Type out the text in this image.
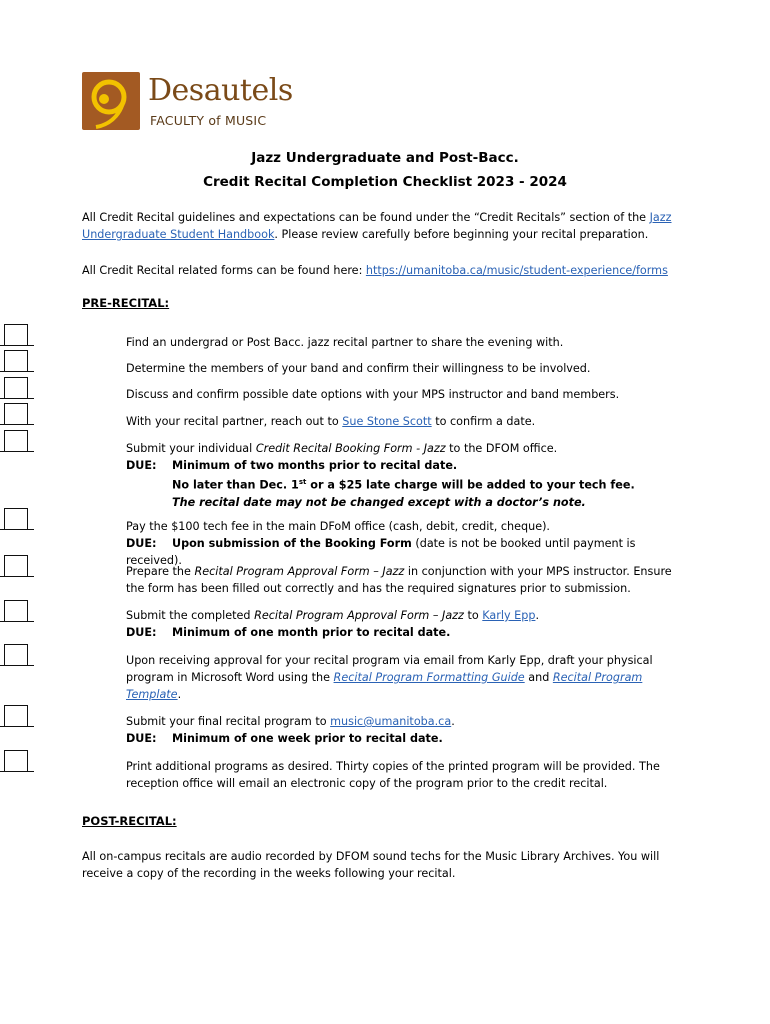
Desautels
FACULTY of MUSIC
Jazz Undergraduate and Post-Bacc.
Credit Recital Completion Checklist 2023 - 2024
All Credit Recital guidelines and expectations can be found under the “Credit Recitals” section of the Jazz Undergraduate Student Handbook. Please review carefully before beginning your recital preparation.
All Credit Recital related forms can be found here: https://umanitoba.ca/music/student-experience/forms
PRE-RECITAL:
Find an undergrad or Post Bacc. jazz recital partner to share the evening with.
Determine the members of your band and confirm their willingness to be involved.
Discuss and confirm possible date options with your MPS instructor and band members.
With your recital partner, reach out to Sue Stone Scott to confirm a date.
Submit your individual Credit Recital Booking Form - Jazz to the DFOM office.
DUE: Minimum of two months prior to recital date.
No later than Dec. 1st or a $25 late charge will be added to your tech fee.
The recital date may not be changed except with a doctor’s note.
Pay the $100 tech fee in the main DFoM office (cash, debit, credit, cheque).
DUE: Upon submission of the Booking Form (date is not be booked until payment is received).
Prepare the Recital Program Approval Form – Jazz in conjunction with your MPS instructor. Ensure the form has been filled out correctly and has the required signatures prior to submission.
Submit the completed Recital Program Approval Form – Jazz to Karly Epp.
DUE: Minimum of one month prior to recital date.
Upon receiving approval for your recital program via email from Karly Epp, draft your physical program in Microsoft Word using the Recital Program Formatting Guide and Recital Program Template.
Submit your final recital program to music@umanitoba.ca.
DUE: Minimum of one week prior to recital date.
Print additional programs as desired. Thirty copies of the printed program will be provided. The reception office will email an electronic copy of the program prior to the credit recital.
POST-RECITAL:
All on-campus recitals are audio recorded by DFOM sound techs for the Music Library Archives. You will receive a copy of the recording in the weeks following your recital.
